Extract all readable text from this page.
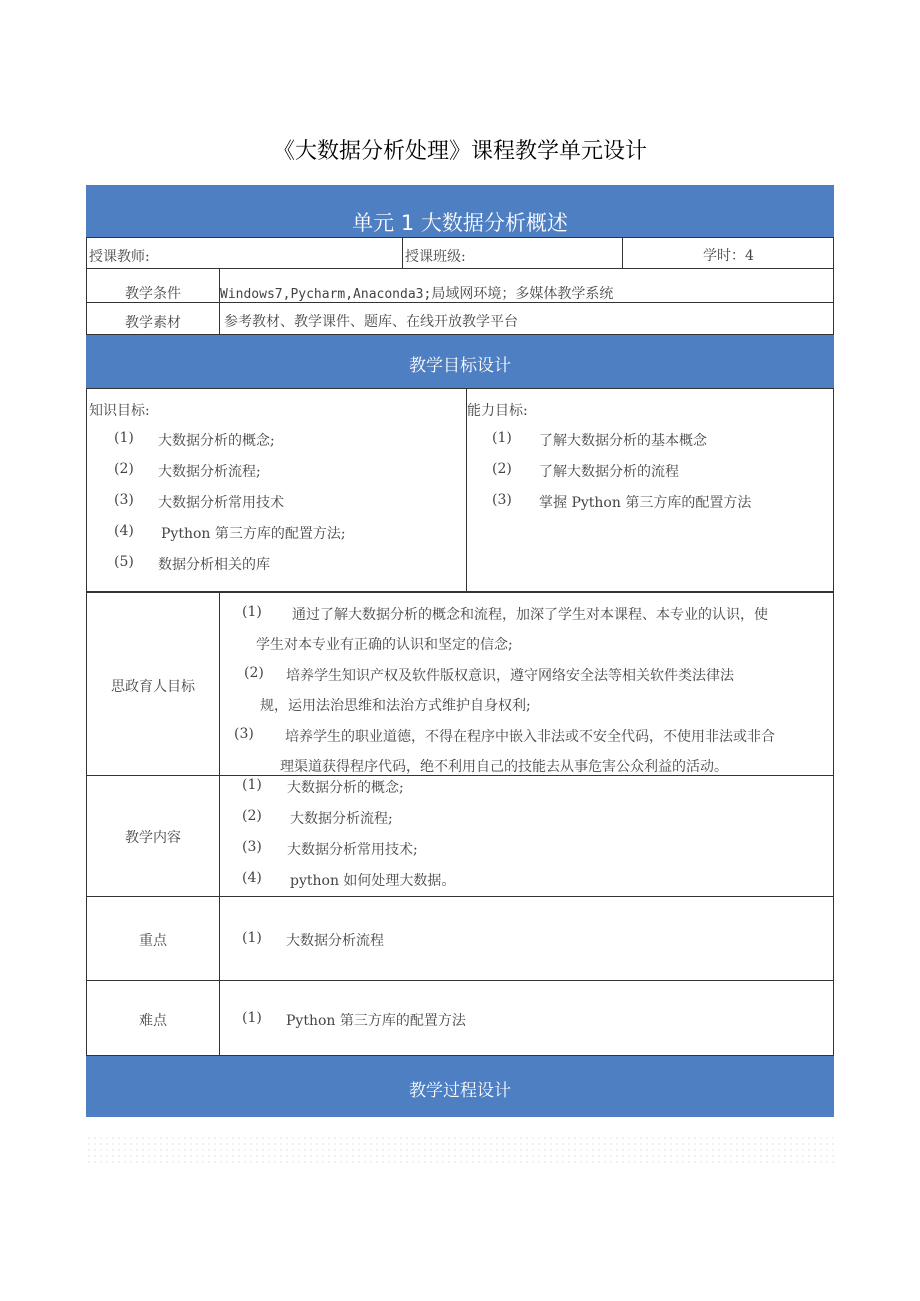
《大数据分析处理》课程教学单元设计
单元 1 大数据分析概述
授课教师:	授课班级:	学时：4
教学条件	Windows7,Pycharm,Anaconda3;局域网环境；多媒体教学系统
教学素材	参考教材、教学课件、题库、在线开放教学平台
教学目标设计
知识目标:
(1) 大数据分析的概念;
(2) 大数据分析流程;
(3) 大数据分析常用技术
(4) Python 第三方库的配置方法;
(5) 数据分析相关的库
能力目标:
(1) 了解大数据分析的基本概念
(2) 了解大数据分析的流程
(3) 掌握 Python 第三方库的配置方法
思政育人目标
(1) 通过了解大数据分析的概念和流程，加深了学生对本课程、本专业的认识，使
学生对本专业有正确的认识和坚定的信念;
(2) 培养学生知识产权及软件版权意识，遵守网络安全法等相关软件类法律法
规，运用法治思维和法治方式维护自身权利;
(3) 培养学生的职业道德，不得在程序中嵌入非法或不安全代码，不使用非法或非合
理渠道获得程序代码，绝不利用自己的技能去从事危害公众利益的活动。
教学内容
(1) 大数据分析的概念;
(2) 大数据分析流程;
(3) 大数据分析常用技术;
(4) python 如何处理大数据。
重点	(1) 大数据分析流程
难点	(1) Python 第三方库的配置方法
教学过程设计
